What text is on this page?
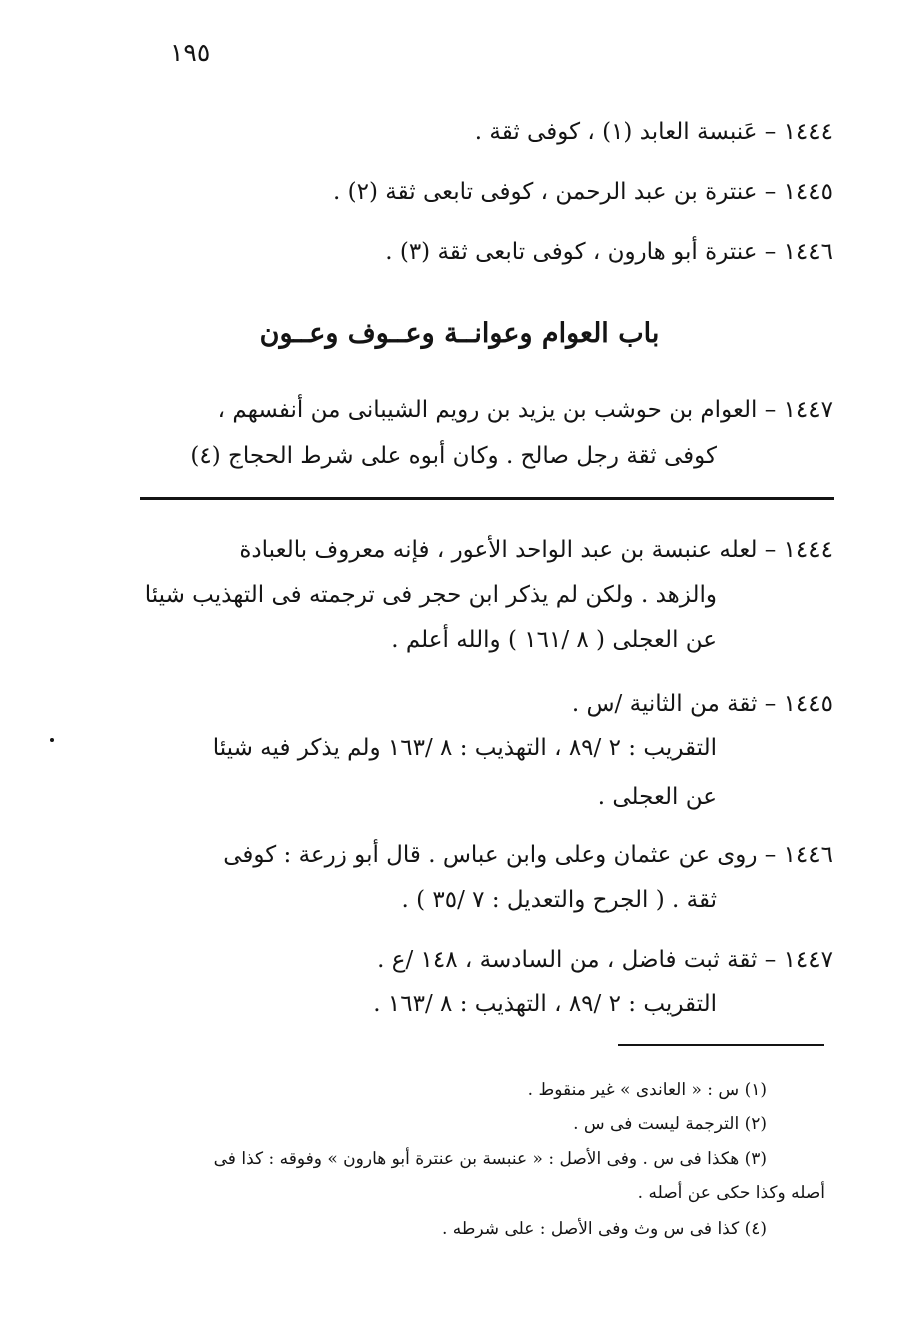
١٩٥
١٤٤٤ – عَنبسة العابد (١) ، كوفى ثقة .
١٤٤٥ – عنترة بن عبد الرحمن ، كوفى تابعى ثقة (٢) .
١٤٤٦ – عنترة أبو هارون ، كوفى تابعى ثقة (٣) .
باب العوام وعوانــة وعــوف وعــون
١٤٤٧ – العوام بن حوشب بن يزيد بن رويم الشيبانى من أنفسهم ،
كوفى ثقة رجل صالح . وكان أبوه على شرط الحجاج (٤)
١٤٤٤ – لعله عنبسة بن عبد الواحد الأعور ، فإنه معروف بالعبادة
والزهد . ولكن لم يذكر ابن حجر فى ترجمته فى التهذيب شيئا
عن العجلى ( ٨ /١٦١ ) والله أعلم .
١٤٤٥ – ثقة من الثانية /س .
التقريب : ٢ /٨٩ ، التهذيب : ٨ /١٦٣ ولم يذكر فيه شيئا
عن العجلى .
١٤٤٦ – روى عن عثمان وعلى وابن عباس . قال أبو زرعة : كوفى
ثقة . ( الجرح والتعديل : ٧ /٣٥ ) .
١٤٤٧ – ثقة ثبت فاضل ، من السادسة ، ١٤٨ /ع .
التقريب : ٢ /٨٩ ، التهذيب : ٨ /١٦٣ .
(١) س : « العاندى » غير منقوط .
(٢) الترجمة ليست فى س .
(٣) هكذا فى س . وفى الأصل : « عنبسة بن عنترة أبو هارون » وفوقه : كذا فى
أصله وكذا حكى عن أصله .
(٤) كذا فى س وث وفى الأصل : على شرطه .
